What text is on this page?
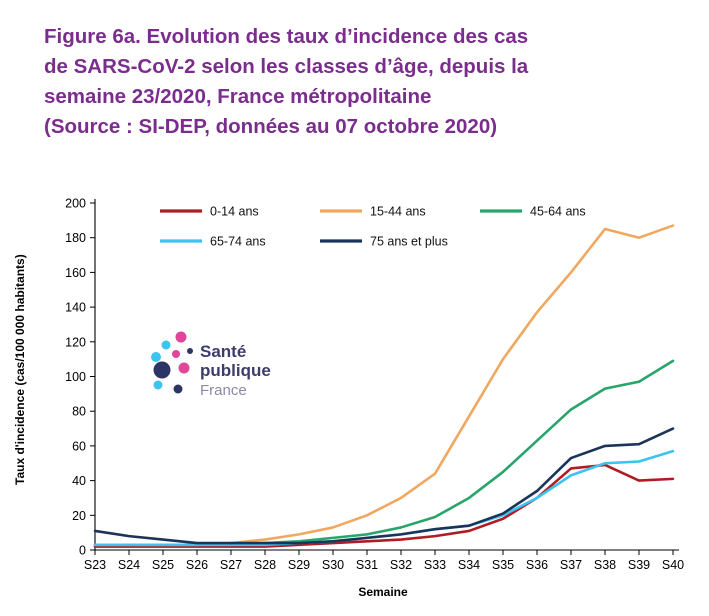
Figure 6a. Evolution des taux d’incidence des cas
de SARS-CoV-2 selon les classes d’âge, depuis la
semaine 23/2020, France métropolitaine
(Source : SI-DEP, données au 07 octobre 2020)
0
20
40
60
80
100
120
140
160
180
200
S23 S24 S25 S26 S27 S28 S29 S30 S31 S32 S33 S34 S35 S36 S37 S38 S39 S40
0-14 ans	15-44 ans	45-64 ans
65-74 ans	75 ans et plus
Taux d'incidence (cas/100 000 habitants)
Semaine
Santé
publique
France
